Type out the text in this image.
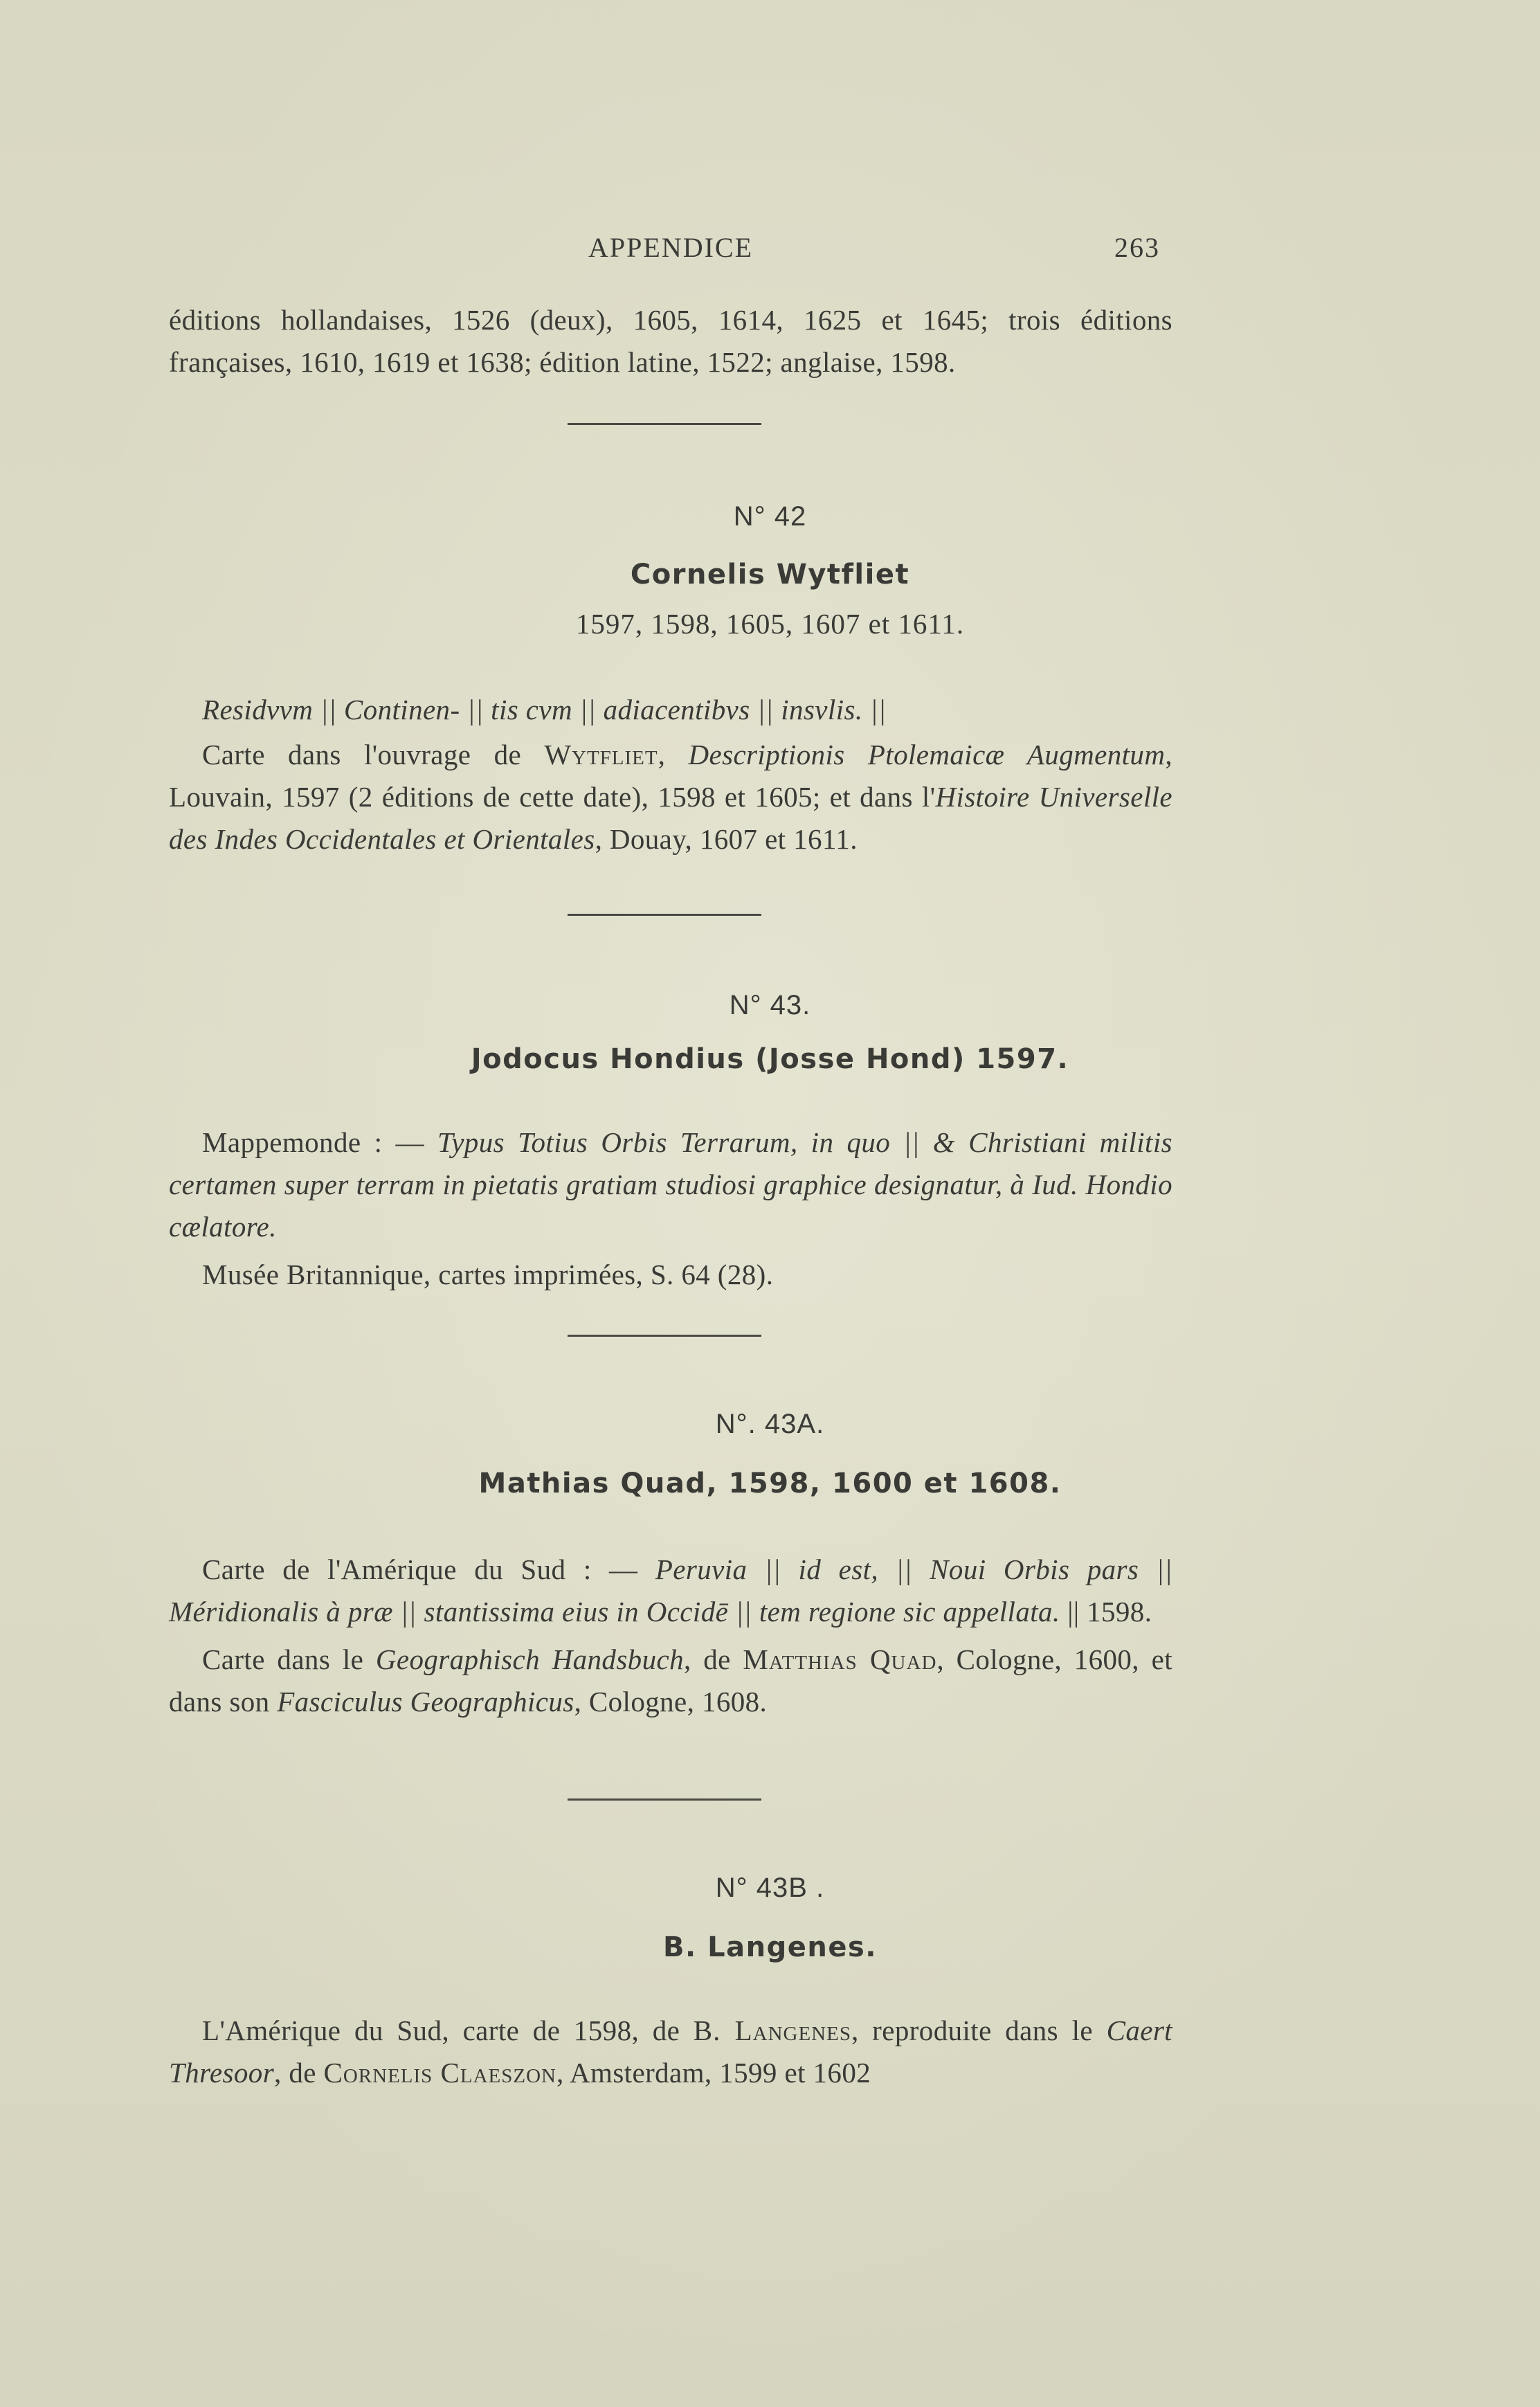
APPENDICE	263

éditions hollandaises, 1526 (deux), 1605, 1614, 1625 et 1645; trois éditions françaises, 1610, 1619 et 1638; édition latine, 1522; anglaise, 1598.

N° 42
Cornelis Wytfliet
1597, 1598, 1605, 1607 et 1611.

Residvvm || Continen- || tis cvm || adiacentibvs || insvlis. ||

Carte dans l'ouvrage de Wytfliet, Descriptionis Ptolemaicæ Augmentum, Louvain, 1597 (2 éditions de cette date), 1598 et 1605; et dans l'Histoire Universelle des Indes Occidentales et Orientales, Douay, 1607 et 1611.

N° 43.
Jodocus Hondius (Josse Hond) 1597.

Mappemonde : — Typus Totius Orbis Terrarum, in quo || & Christiani militis certamen super terram in pietatis gratiam studiosi graphice designatur, à Iud. Hondio cælatore.

Musée Britannique, cartes imprimées, S. 64 (28).

N°. 43A.
Mathias Quad, 1598, 1600 et 1608.

Carte de l'Amérique du Sud : — Peruvia || id est, || Noui Orbis pars || Méridionalis à præ || stantissima eius in Occidē || tem regione sic appellata. || 1598.

Carte dans le Geographisch Handsbuch, de Matthias Quad, Cologne, 1600, et dans son Fasciculus Geographicus, Cologne, 1608.

N° 43B .
B. Langenes.

L'Amérique du Sud, carte de 1598, de B. Langenes, reproduite dans le Caert Thresoor, de Cornelis Claeszon, Amsterdam, 1599 et 1602
